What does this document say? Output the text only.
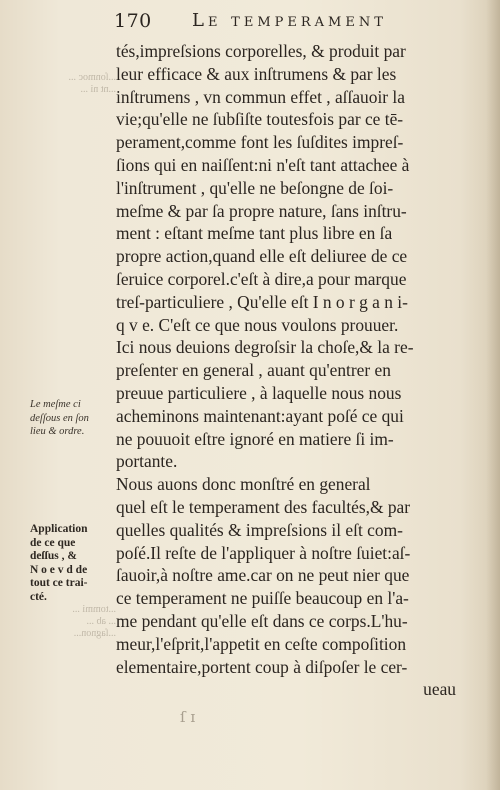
170 Le temperament
...ſonmoc ...
...nt ni ...
tés,impreſsions corporelles, & produit par
leur efficace & aux inſtrumens & par les
inſtrumens , vn commun effet , aſſauoir la
vie;qu'elle ne ſubſiſte toutesfois par ce tē-
perament,comme font les ſuſdites impreſ-
ſions qui en naiſſent:ni n'eſt tant attachee à
l'inſtrument , qu'elle ne beſongne de ſoi-
meſme & par ſa propre nature, ſans inſtru-
ment : eſtant meſme tant plus libre en ſa
propre action,quand elle eſt deliuree de ce
ſeruice corporel.c'eſt à dire,a pour marque
treſ-particuliere , Qu'elle eſt I n o r g a n i-
q v e. C'eſt ce que nous voulons prouuer.
Ici nous deuions degroſsir la choſe,& la re-
preſenter en general , auant qu'entrer en
preuue particuliere , à laquelle nous nous
acheminons maintenant:ayant poſé ce qui
ne pouuoit eſtre ignoré en matiere ſi im-
portante.
Nous auons donc monſtré en general
quel eſt le temperament des facultés,& par
quelles qualités & impreſsions il eſt com-
poſé.Il reſte de l'appliquer à noſtre ſuiet:aſ-
ſauoir,à noſtre ame.car on ne peut nier que
ce temperament ne puiſſe beaucoup en l'a-
me pendant qu'elle eſt dans ce corps.L'hu-
meur,l'eſprit,l'appetit en ceſte compoſition
elementaire,portent coup à diſpoſer le cer-
ueau
Le meſme ci
deſſous en ſon
lieu & ordre.
Application
de ce que
deſſus , &
N o e v d de
tout ce trai-
cté.
...tommi ...
... ab ...
...ſagnon...
ſ ɪ
